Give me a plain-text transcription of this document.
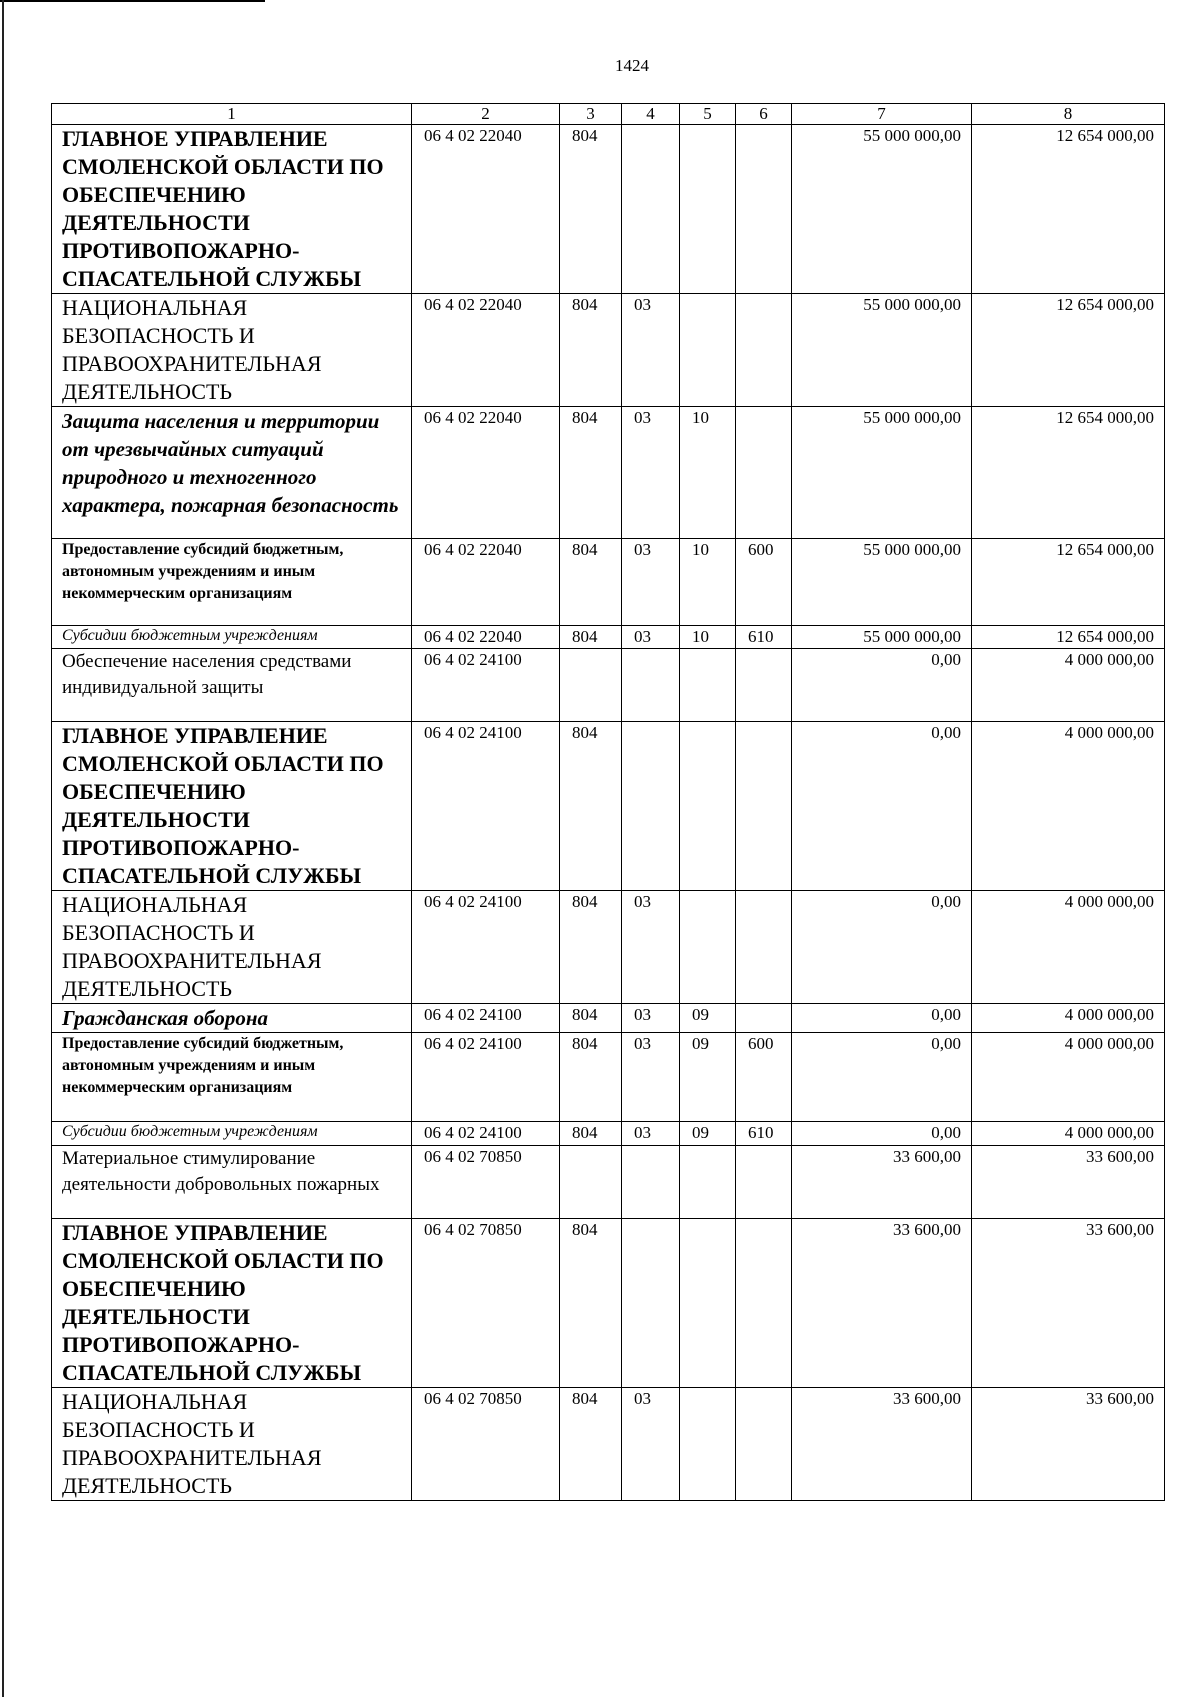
1424
1	2	3	4	5	6	7	8
ГЛАВНОЕ УПРАВЛЕНИЕ СМОЛЕНСКОЙ ОБЛАСТИ ПО ОБЕСПЕЧЕНИЮ ДЕЯТЕЛЬНОСТИ ПРОТИВОПОЖАРНО-СПАСАТЕЛЬНОЙ СЛУЖБЫ	06 4 02 22040	804				55 000 000,00	12 654 000,00
НАЦИОНАЛЬНАЯ БЕЗОПАСНОСТЬ И ПРАВООХРАНИТЕЛЬНАЯ ДЕЯТЕЛЬНОСТЬ	06 4 02 22040	804	03			55 000 000,00	12 654 000,00
Защита населения и территории от чрезвычайных ситуаций природного и техногенного характера, пожарная безопасность	06 4 02 22040	804	03	10		55 000 000,00	12 654 000,00
Предоставление субсидий бюджетным, автономным учреждениям и иным некоммерческим организациям	06 4 02 22040	804	03	10	600	55 000 000,00	12 654 000,00
Субсидии бюджетным учреждениям	06 4 02 22040	804	03	10	610	55 000 000,00	12 654 000,00
Обеспечение населения средствами индивидуальной защиты	06 4 02 24100					0,00	4 000 000,00
ГЛАВНОЕ УПРАВЛЕНИЕ СМОЛЕНСКОЙ ОБЛАСТИ ПО ОБЕСПЕЧЕНИЮ ДЕЯТЕЛЬНОСТИ ПРОТИВОПОЖАРНО-СПАСАТЕЛЬНОЙ СЛУЖБЫ	06 4 02 24100	804				0,00	4 000 000,00
НАЦИОНАЛЬНАЯ БЕЗОПАСНОСТЬ И ПРАВООХРАНИТЕЛЬНАЯ ДЕЯТЕЛЬНОСТЬ	06 4 02 24100	804	03			0,00	4 000 000,00
Гражданская оборона	06 4 02 24100	804	03	09		0,00	4 000 000,00
Предоставление субсидий бюджетным, автономным учреждениям и иным некоммерческим организациям	06 4 02 24100	804	03	09	600	0,00	4 000 000,00
Субсидии бюджетным учреждениям	06 4 02 24100	804	03	09	610	0,00	4 000 000,00
Материальное стимулирование деятельности добровольных пожарных	06 4 02 70850					33 600,00	33 600,00
ГЛАВНОЕ УПРАВЛЕНИЕ СМОЛЕНСКОЙ ОБЛАСТИ ПО ОБЕСПЕЧЕНИЮ ДЕЯТЕЛЬНОСТИ ПРОТИВОПОЖАРНО-СПАСАТЕЛЬНОЙ СЛУЖБЫ	06 4 02 70850	804				33 600,00	33 600,00
НАЦИОНАЛЬНАЯ БЕЗОПАСНОСТЬ И ПРАВООХРАНИТЕЛЬНАЯ ДЕЯТЕЛЬНОСТЬ	06 4 02 70850	804	03			33 600,00	33 600,00
